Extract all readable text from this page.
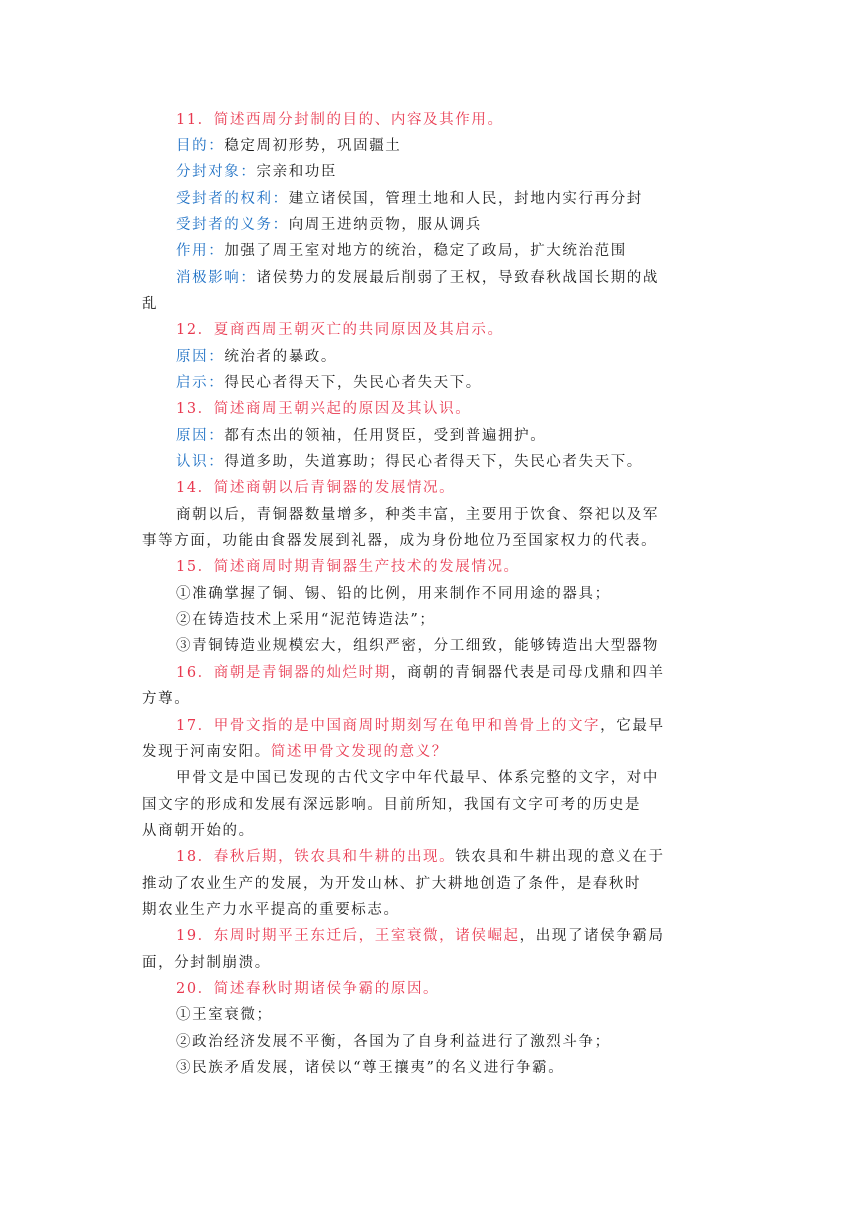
11．简述西周分封制的目的、内容及其作用。
目的：稳定周初形势，巩固疆土
分封对象：宗亲和功臣
受封者的权利：建立诸侯国，管理土地和人民，封地内实行再分封
受封者的义务：向周王进纳贡物，服从调兵
作用：加强了周王室对地方的统治，稳定了政局，扩大统治范围
消极影响：诸侯势力的发展最后削弱了王权，导致春秋战国长期的战
乱
12．夏商西周王朝灭亡的共同原因及其启示。
原因：统治者的暴政。
启示：得民心者得天下，失民心者失天下。
13．简述商周王朝兴起的原因及其认识。
原因：都有杰出的领袖，任用贤臣，受到普遍拥护。
认识：得道多助，失道寡助；得民心者得天下，失民心者失天下。
14．简述商朝以后青铜器的发展情况。
商朝以后，青铜器数量增多，种类丰富，主要用于饮食、祭祀以及军
事等方面，功能由食器发展到礼器，成为身份地位乃至国家权力的代表。
15．简述商周时期青铜器生产技术的发展情况。
①准确掌握了铜、锡、铅的比例，用来制作不同用途的器具；
②在铸造技术上采用“泥范铸造法”；
③青铜铸造业规模宏大，组织严密，分工细致，能够铸造出大型器物
16．商朝是青铜器的灿烂时期，商朝的青铜器代表是司母戊鼎和四羊
方尊。
17．甲骨文指的是中国商周时期刻写在龟甲和兽骨上的文字，它最早
发现于河南安阳。简述甲骨文发现的意义？
甲骨文是中国已发现的古代文字中年代最早、体系完整的文字，对中
国文字的形成和发展有深远影响。目前所知，我国有文字可考的历史是
从商朝开始的。
18．春秋后期，铁农具和牛耕的出现。铁农具和牛耕出现的意义在于
推动了农业生产的发展，为开发山林、扩大耕地创造了条件，是春秋时
期农业生产力水平提高的重要标志。
19．东周时期平王东迁后，王室衰微，诸侯崛起，出现了诸侯争霸局
面，分封制崩溃。
20．简述春秋时期诸侯争霸的原因。
①王室衰微；
②政治经济发展不平衡，各国为了自身利益进行了激烈斗争；
③民族矛盾发展，诸侯以“尊王攘夷”的名义进行争霸。
